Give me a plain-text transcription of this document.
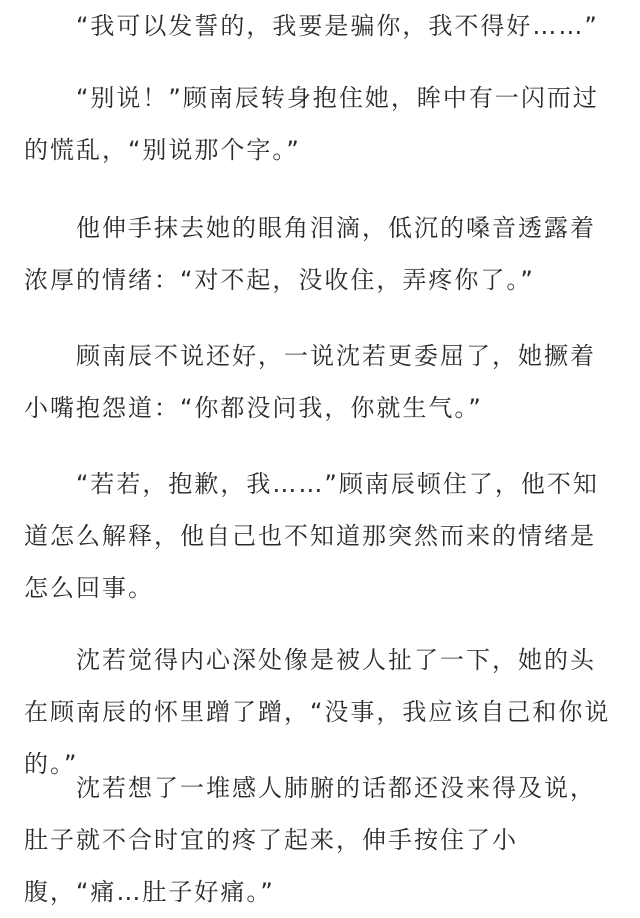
“我可以发誓的，我要是骗你，我不得好……”

“别说！”顾南辰转身抱住她，眸中有一闪而过的慌乱，“别说那个字。”

他伸手抹去她的眼角泪滴，低沉的嗓音透露着浓厚的情绪：“对不起，没收住，弄疼你了。”

顾南辰不说还好，一说沈若更委屈了，她撅着小嘴抱怨道：“你都没问我，你就生气。”

“若若，抱歉，我……”顾南辰顿住了，他不知道怎么解释，他自己也不知道那突然而来的情绪是怎么回事。

沈若觉得内心深处像是被人扯了一下，她的头在顾南辰的怀里蹭了蹭，“没事，我应该自己和你说的。”

沈若想了一堆感人肺腑的话都还没来得及说，肚子就不合时宜的疼了起来，伸手按住了小腹，“痛…肚子好痛。”
